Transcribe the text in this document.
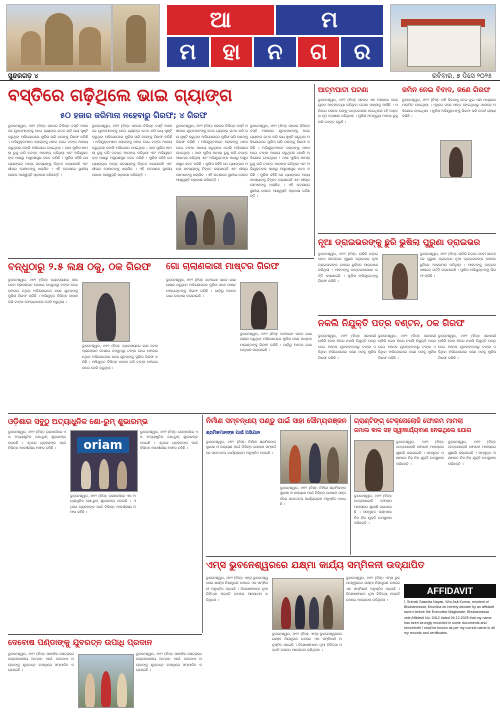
ଆ	ମ
ମ	ହା	ନ	ଗ	ର
ସୁନ୍ଦରଗଡ଼ ୪	ରବିବାର, ୭ ଡିସେ ୨୦୨୫
ବସ୍ତିରେ ଗଢ଼ିଥିଲେ ଭାଇ ଗ୍ୟାଙ୍ଗ
୫୦ ହଜାର ଜରିମାନା ନହେବାରୁ ଗିରଫ; ୪ ଗିରଫ
ଭୁବନେଶ୍ୱର, ୬ା୧୨ (ନିସ): ସହରର ବିଭିନ୍ନ ବସ୍ତି ଅଞ୍ଚଳରେ ଯୁବକମାନଙ୍କୁ ନେଇ ଗ୍ୟାଙ୍ଗ ଗଠନ କରି ଭୟ ସୃଷ୍ଟି କରୁଥିବା ଅଭିଯୋଗରେ ପୁଲିସ ଚାରି ଜଣଙ୍କୁ ଗିରଫ କରିଛି । ଅଭିଯୁକ୍ତମାନେ ଲୋକଙ୍କୁ ଧମକ ଦେଇ ଟଙ୍କା ଆଦାୟ କରୁଥିଲେ ବୋଲି ଅଭିଯୋଗ ହୋଇଥିଲା । ଥାନା ପୁଲିସ ମାମଲା ରୁଜୁ କରି ତଦନ୍ତ ଆରମ୍ଭ କରିଥିଲା ଏବଂ ଅଭିଯୁକ୍ତଙ୍କ ପାଖରୁ ଅସ୍ତ୍ରଶସ୍ତ୍ର ଜବତ କରିଛି । ପୁଲିସ କହିଛି ଯେ ଗ୍ୟାଙ୍ଗର ଅନ୍ୟ ସଦସ୍ୟଙ୍କୁ ଚିହ୍ନଟ କରାଯାଉଛି ଏବଂ ଶୀଘ୍ର ସେମାନଙ୍କୁ ଧରାଯିବ । ଏହି ଘଟଣାରେ ସ୍ଥାନୀୟ ଲୋକେ ଆଶ୍ୱସ୍ତି ପ୍ରକାଶ କରିଛନ୍ତି ।
ଭୁବନେଶ୍ୱର, ୬ା୧୨ (ନିସ): ସହରର ବିଭିନ୍ନ ବସ୍ତି ଅଞ୍ଚଳରେ ଯୁବକମାନଙ୍କୁ ନେଇ ଗ୍ୟାଙ୍ଗ ଗଠନ କରି ଭୟ ସୃଷ୍ଟି କରୁଥିବା ଅଭିଯୋଗରେ ପୁଲିସ ଚାରି ଜଣଙ୍କୁ ଗିରଫ କରିଛି । ଅଭିଯୁକ୍ତମାନେ ଲୋକଙ୍କୁ ଧମକ ଦେଇ ଟଙ୍କା ଆଦାୟ କରୁଥିଲେ ବୋଲି ଅଭିଯୋଗ ହୋଇଥିଲା । ଥାନା ପୁଲିସ ମାମଲା ରୁଜୁ କରି ତଦନ୍ତ ଆରମ୍ଭ କରିଥିଲା ଏବଂ ଅଭିଯୁକ୍ତଙ୍କ ପାଖରୁ ଅସ୍ତ୍ରଶସ୍ତ୍ର ଜବତ କରିଛି । ପୁଲିସ କହିଛି ଯେ ଗ୍ୟାଙ୍ଗର ଅନ୍ୟ ସଦସ୍ୟଙ୍କୁ ଚିହ୍ନଟ କରାଯାଉଛି ଏବଂ ଶୀଘ୍ର ସେମାନଙ୍କୁ ଧରାଯିବ । ଏହି ଘଟଣାରେ ସ୍ଥାନୀୟ ଲୋକେ ଆଶ୍ୱସ୍ତି ପ୍ରକାଶ କରିଛନ୍ତି ।
ଭୁବନେଶ୍ୱର, ୬ା୧୨ (ନିସ): ସହରର ବିଭିନ୍ନ ବସ୍ତି ଅଞ୍ଚଳରେ ଯୁବକମାନଙ୍କୁ ନେଇ ଗ୍ୟାଙ୍ଗ ଗଠନ କରି ଭୟ ସୃଷ୍ଟି କରୁଥିବା ଅଭିଯୋଗରେ ପୁଲିସ ଚାରି ଜଣଙ୍କୁ ଗିରଫ କରିଛି । ଅଭିଯୁକ୍ତମାନେ ଲୋକଙ୍କୁ ଧମକ ଦେଇ ଟଙ୍କା ଆଦାୟ କରୁଥିଲେ ବୋଲି ଅଭିଯୋଗ ହୋଇଥିଲା । ଥାନା ପୁଲିସ ମାମଲା ରୁଜୁ କରି ତଦନ୍ତ ଆରମ୍ଭ କରିଥିଲା ଏବଂ ଅଭିଯୁକ୍ତଙ୍କ ପାଖରୁ ଅସ୍ତ୍ରଶସ୍ତ୍ର ଜବତ କରିଛି । ପୁଲିସ କହିଛି ଯେ ଗ୍ୟାଙ୍ଗର ଅନ୍ୟ ସଦସ୍ୟଙ୍କୁ ଚିହ୍ନଟ କରାଯାଉଛି ଏବଂ ଶୀଘ୍ର ସେମାନଙ୍କୁ ଧରାଯିବ । ଏହି ଘଟଣାରେ ସ୍ଥାନୀୟ ଲୋକେ ଆଶ୍ୱସ୍ତି ପ୍ରକାଶ କରିଛନ୍ତି ।
ଭୁବନେଶ୍ୱର, ୬ା୧୨ (ନିସ): ସହରର ବିଭିନ୍ନ ବସ୍ତି ଅଞ୍ଚଳରେ ଯୁବକମାନଙ୍କୁ ନେଇ ଗ୍ୟାଙ୍ଗ ଗଠନ କରି ଭୟ ସୃଷ୍ଟି କରୁଥିବା ଅଭିଯୋଗରେ ପୁଲିସ ଚାରି ଜଣଙ୍କୁ ଗିରଫ କରିଛି । ଅଭିଯୁକ୍ତମାନେ ଲୋକଙ୍କୁ ଧମକ ଦେଇ ଟଙ୍କା ଆଦାୟ କରୁଥିଲେ ବୋଲି ଅଭିଯୋଗ ହୋଇଥିଲା । ଥାନା ପୁଲିସ ମାମଲା ରୁଜୁ କରି ତଦନ୍ତ ଆରମ୍ଭ କରିଥିଲା ଏବଂ ଅଭିଯୁକ୍ତଙ୍କ ପାଖରୁ ଅସ୍ତ୍ରଶସ୍ତ୍ର ଜବତ କରିଛି । ପୁଲିସ କହିଛି ଯେ ଗ୍ୟାଙ୍ଗର ଅନ୍ୟ ସଦସ୍ୟଙ୍କୁ ଚିହ୍ନଟ କରାଯାଉଛି ଏବଂ ଶୀଘ୍ର ସେମାନଙ୍କୁ ଧରାଯିବ । ଏହି ଘଟଣାରେ ସ୍ଥାନୀୟ ଲୋକେ ଆଶ୍ୱସ୍ତି ପ୍ରକାଶ କରିଛନ୍ତି ।
ଆତ୍ମଘାତୀ ଘଟଣା
ଭୁବନେଶ୍ୱର, ୬ା୧୨ (ନିସ): ସହରର ଏକ ଅଞ୍ଚଳରେ ଜଣେ ଯୁବକ ଆତ୍ମହତ୍ୟା କରିଥିବା ଘଟଣା ସାମ୍ନାକୁ ଆସିଛି । ପରିବାର ଲୋକେ ତାଙ୍କୁ ଡାକ୍ତରଖାନା ନେଇଥିଲେ ହେଁ ଡାକ୍ତର ମୃତ ଘୋଷଣା କରିଥିଲେ । ପୁଲିସ ଅପମୃତ୍ୟୁ ମାମଲା ରୁଜୁ କରି ତଦନ୍ତ କରୁଛି ।
ଜମିନ ନେଇ ବିବାଦ, ଜଣେ ଗିରଫ
ଭୁବନେଶ୍ୱର, ୬ା୧୨ (ନିସ): ଜମି ବିବାଦକୁ ନେଇ ଦୁଇ ପକ୍ଷ ମଧ୍ୟରେ ମାଡ଼ପିଟ ହୋଇଥିଲା । ଏଥିରେ ଜଣେ ଆହତ ହୋଇଥିବାରୁ ଥାନାରେ ଅଭିଯୋଗ ହୋଇଥିଲା । ପୁଲିସ ଅଭିଯୁକ୍ତଙ୍କୁ ଗିରଫ କରି କୋର୍ଟ ଚାଲାଣ କରିଛି ।
ନୂଆ ଡ୍ରାଇଭରଙ୍କୁ ଛୁରି ଭୁଷିଲା ପୁରୁଣା ଡ୍ରାଇଭର
ଭୁବନେଶ୍ୱର, ୬ା୧୨ (ନିସ): ଚାକିରି ଛଡ଼ାଇ ନେବା ସନ୍ଦେହରେ ପୁରୁଣା ଡ୍ରାଇଭର ନୂଆ ଡ୍ରାଇଭରଙ୍କ ଉପରେ ଛୁରିରେ ଆକ୍ରମଣ କରିଥିଲା । ଆହତଙ୍କୁ ଡାକ୍ତରଖାନାରେ ଭର୍ତ୍ତି କରାଯାଇଛି । ପୁଲିସ ଅଭିଯୁକ୍ତଙ୍କୁ ଗିରଫ କରିଛି ।
ଭୁବନେଶ୍ୱର, ୬ା୧୨ (ନିସ): ଚାକିରି ଛଡ଼ାଇ ନେବା ସନ୍ଦେହରେ ପୁରୁଣା ଡ୍ରାଇଭର ନୂଆ ଡ୍ରାଇଭରଙ୍କ ଉପରେ ଛୁରିରେ ଆକ୍ରମଣ କରିଥିଲା । ଆହତଙ୍କୁ ଡାକ୍ତରଖାନାରେ ଭର୍ତ୍ତି କରାଯାଇଛି । ପୁଲିସ ଅଭିଯୁକ୍ତଙ୍କୁ ଗିରଫ କରିଛି ।
ବନ୍ଧୁଠାରୁ ୨.୫ ଲକ୍ଷ ଠକୁ, ଠକ ଗିରଫ
ଭୁବନେଶ୍ୱର, ୬ା୧୨ (ନିସ): ବ୍ୟବସାୟରେ ଲାଭ ଦେବା ପ୍ରଲୋଭନ ଦେଖାଇ ବନ୍ଧୁଠାରୁ ଟଙ୍କା ନେଇ ଫେରାଇ ନଥିବା ଅଭିଯୋଗରେ ଜଣେ ଯୁବକଙ୍କୁ ପୁଲିସ ଗିରଫ କରିଛି । ଅଭିଯୁକ୍ତ ବିଭିନ୍ନ ବାହାନା କରି ଟଙ୍କା ଫେରାଇବାରେ ଡେରି କରୁଥିଲା ।
ଭୁବନେଶ୍ୱର, ୬ା୧୨ (ନିସ): ବ୍ୟବସାୟରେ ଲାଭ ଦେବା ପ୍ରଲୋଭନ ଦେଖାଇ ବନ୍ଧୁଠାରୁ ଟଙ୍କା ନେଇ ଫେରାଇ ନଥିବା ଅଭିଯୋଗରେ ଜଣେ ଯୁବକଙ୍କୁ ପୁଲିସ ଗିରଫ କରିଛି । ଅଭିଯୁକ୍ତ ବିଭିନ୍ନ ବାହାନା କରି ଟଙ୍କା ଫେରାଇବାରେ ଡେରି କରୁଥିଲା ।
ଗୋ ଚାଲାଣକାରୀ ମାଷ୍ଟର ଗିରଫ
ଭୁବନେଶ୍ୱର, ୬ା୧୨ (ନିସ): ବେଆଇନ ଭାବେ ଗାଈ ଚାଲାଣ କରୁଥିବା ଅଭିଯୋଗରେ ପୁଲିସ ଜଣେ ମାଷ୍ଟରମାଇଣ୍ଡଙ୍କୁ ଗିରଫ କରିଛି । ଗାଡ଼ିରୁ ଅନେକ ଗାଈ ଉଦ୍ଧାର କରାଯାଇଛି ।
ଭୁବନେଶ୍ୱର, ୬ା୧୨ (ନିସ): ବେଆଇନ ଭାବେ ଗାଈ ଚାଲାଣ କରୁଥିବା ଅଭିଯୋଗରେ ପୁଲିସ ଜଣେ ମାଷ୍ଟରମାଇଣ୍ଡଙ୍କୁ ଗିରଫ କରିଛି । ଗାଡ଼ିରୁ ଅନେକ ଗାଈ ଉଦ୍ଧାର କରାଯାଇଛି ।
ନକଲି ନିଯୁକ୍ତି ପତ୍ର ବଣ୍ଟନ, ଠକ ଗିରଫ
ଭୁବନେଶ୍ୱର, ୬ା୧୨ (ନିସ): ସରକାରୀ ଚାକିରି ଦେବା ନାଁରେ ନକଲି ନିଯୁକ୍ତି ପତ୍ର ଦେଇ ଅନେକ ଯୁବକଙ୍କଠାରୁ ଟଙ୍କା ଠକିଥିବା ଅଭିଯୋଗରେ ଜଣେ ଠକକୁ ପୁଲିସ ଗିରଫ କରିଛି ।
ଭୁବନେଶ୍ୱର, ୬ା୧୨ (ନିସ): ସରକାରୀ ଚାକିରି ଦେବା ନାଁରେ ନକଲି ନିଯୁକ୍ତି ପତ୍ର ଦେଇ ଅନେକ ଯୁବକଙ୍କଠାରୁ ଟଙ୍କା ଠକିଥିବା ଅଭିଯୋଗରେ ଜଣେ ଠକକୁ ପୁଲିସ ଗିରଫ କରିଛି ।
ଭୁବନେଶ୍ୱର, ୬ା୧୨ (ନିସ): ସରକାରୀ ଚାକିରି ଦେବା ନାଁରେ ନକଲି ନିଯୁକ୍ତି ପତ୍ର ଦେଇ ଅନେକ ଯୁବକଙ୍କଠାରୁ ଟଙ୍କା ଠକିଥିବା ଅଭିଯୋଗରେ ଜଣେ ଠକକୁ ପୁଲିସ ଗିରଫ କରିଛି ।
ଓଡ଼ିଶାର ସବୁଠୁ ଅତ୍ୟାଧୁନିକ ଶୋ-ରୁମ୍ ଶୁଭାରମ୍ଭ
ଭୁବନେଶ୍ୱର, ୬ା୧୨ (ନିସ): ରାଜଧାନୀରେ ଏକ ଅତ୍ୟାଧୁନିକ ଶୋ-ରୁମ୍ ଶୁଭାରମ୍ଭ ହୋଇଛି । ଏଥିରେ ଗ୍ରାହକଙ୍କ ପାଇଁ ବିଭିନ୍ନ ଆକର୍ଷଣୀୟ ଅଫର ରହିଛି ।	oriam
ଭୁବନେଶ୍ୱର, ୬ା୧୨ (ନିସ): ରାଜଧାନୀରେ ଏକ ଅତ୍ୟାଧୁନିକ ଶୋ-ରୁମ୍ ଶୁଭାରମ୍ଭ ହୋଇଛି । ଏଥିରେ ଗ୍ରାହକଙ୍କ ପାଇଁ ବିଭିନ୍ନ ଆକର୍ଷଣୀୟ ଅଫର ରହିଛି ।
ଭୁବନେଶ୍ୱର, ୬ା୧୨ (ନିସ): ରାଜଧାନୀରେ ଏକ ଅତ୍ୟାଧୁନିକ ଶୋ-ରୁମ୍ ଶୁଭାରମ୍ଭ ହୋଇଛି । ଏଥିରେ ଗ୍ରାହକଙ୍କ ପାଇଁ ବିଭିନ୍ନ ଆକର୍ଷଣୀୟ ଅଫର ରହିଛି ।
ନିର୍ମାଣ ସମ୍ବନ୍ଧୀୟ ପଣ୍ଡୁ ପାଇଁ ସାହା ସୌମ୍ୟରଞ୍ଜନ
ଶ୍ରମିକମାନଙ୍କ ପାଇଁ ଅଭିଯାନ
ଭୁବନେଶ୍ୱର, ୬ା୧୨ (ନିସ): ନିର୍ମାଣ ଶ୍ରମିକଙ୍କ ସୁରକ୍ଷା ଓ କଲ୍ୟାଣ ପାଇଁ ବିଭିନ୍ନ ଯୋଜନା ସମ୍ପର୍କରେ ସଚେତନତା କାର୍ଯ୍ୟକ୍ରମ ଅନୁଷ୍ଠିତ ହୋଇଛି ।
ଭୁବନେଶ୍ୱର, ୬ା୧୨ (ନିସ): ନିର୍ମାଣ ଶ୍ରମିକଙ୍କ ସୁରକ୍ଷା ଓ କଲ୍ୟାଣ ପାଇଁ ବିଭିନ୍ନ ଯୋଜନା ସମ୍ପର୍କରେ ସଚେତନତା କାର୍ଯ୍ୟକ୍ରମ ଅନୁଷ୍ଠିତ ହୋଇଛି ।
ଗ୍ରାଣ୍ଟିଙ୍ଗ୍ ଟେକ୍ନୋଲୋଜି ଫୋରମ ମାମଲା
ଜମାଲ କାଳ ସହ ସ୍ୱୀକାର୍ଯ୍ୟବାଣ ନେଇଥିଲେ ଯୋଗ
ଭୁବନେଶ୍ୱର, ୬ା୧୨ (ନିସ): ଟେକ୍ନୋଲୋଜି ଫୋରମ ମାମଲାରେ ଶୁଣାଣି କରାଯାଇଛି । ସମ୍ପୃକ୍ତ ପକ୍ଷମାନେ ନିଜ ନିଜ ଯୁକ୍ତି ଉପସ୍ଥାପନ କରିଛନ୍ତି ।
ଭୁବନେଶ୍ୱର, ୬ା୧୨ (ନିସ): ଟେକ୍ନୋଲୋଜି ଫୋରମ ମାମଲାରେ ଶୁଣାଣି କରାଯାଇଛି । ସମ୍ପୃକ୍ତ ପକ୍ଷମାନେ ନିଜ ନିଜ ଯୁକ୍ତି ଉପସ୍ଥାପନ କରିଛନ୍ତି ।
ଭୁବନେଶ୍ୱର, ୬ା୧୨ (ନିସ): ଟେକ୍ନୋଲୋଜି ଫୋରମ ମାମଲାରେ ଶୁଣାଣି କରାଯାଇଛି । ସମ୍ପୃକ୍ତ ପକ୍ଷମାନେ ନିଜ ନିଜ ଯୁକ୍ତି ଉପସ୍ଥାପନ କରିଛନ୍ତି ।
ଏମ୍ସ ଭୁବନେଶ୍ୱରରେ ଯକ୍ଷ୍ମା କାର୍ଯ୍ୟ ସମ୍ମିଳନୀ ଉଦ୍‌ଯାପିତ
ଭୁବନେଶ୍ୱର, ୬ା୧୨ (ନିସ): ଏମ୍ସ ଭୁବନେଶ୍ୱରରେ ଯକ୍ଷ୍ମା ନିୟନ୍ତ୍ରଣ ଉପରେ ଏକ ସମ୍ମିଳନୀ ଅନୁଷ୍ଠିତ ହୋଇଛି । ବିଶେଷଜ୍ଞମାନେ ନୂଆ ଚିକିତ୍ସା ପଦ୍ଧତି ଉପରେ ଆଲୋଚନା କରିଥିଲେ ।
ଭୁବନେଶ୍ୱର, ୬ା୧୨ (ନିସ): ଏମ୍ସ ଭୁବନେଶ୍ୱରରେ ଯକ୍ଷ୍ମା ନିୟନ୍ତ୍ରଣ ଉପରେ ଏକ ସମ୍ମିଳନୀ ଅନୁଷ୍ଠିତ ହୋଇଛି । ବିଶେଷଜ୍ଞମାନେ ନୂଆ ଚିକିତ୍ସା ପଦ୍ଧତି ଉପରେ ଆଲୋଚନା କରିଥିଲେ ।
ଭୁବନେଶ୍ୱର, ୬ା୧୨ (ନିସ): ଏମ୍ସ ଭୁବନେଶ୍ୱରରେ ଯକ୍ଷ୍ମା ନିୟନ୍ତ୍ରଣ ଉପରେ ଏକ ସମ୍ମିଳନୀ ଅନୁଷ୍ଠିତ ହୋଇଛି । ବିଶେଷଜ୍ଞମାନେ ନୂଆ ଚିକିତ୍ସା ପଦ୍ଧତି ଉପରେ ଆଲୋଚନା କରିଥିଲେ ।
ଦେବୋଷ ପଣ୍ଡାଙ୍କୁ ଯୁବରତ୍ନ ଉପାଧି ପ୍ରଦାନ
ଭୁବନେଶ୍ୱର, ୬ା୧୨ (ନିସ): ସାମାଜିକ କ୍ଷେତ୍ରରେ ଉଲ୍ଲେଖନୀୟ ଅବଦାନ ପାଇଁ ଦେବୋଷ ପଣ୍ଡାଙ୍କୁ ଯୁବରତ୍ନ ଉପାଧିରେ ସମ୍ମାନିତ କରାଯାଇଛି ।
ଭୁବନେଶ୍ୱର, ୬ା୧୨ (ନିସ): ସାମାଜିକ କ୍ଷେତ୍ରରେ ଉଲ୍ଲେଖନୀୟ ଅବଦାନ ପାଇଁ ଦେବୋଷ ପଣ୍ଡାଙ୍କୁ ଯୁବରତ୍ନ ଉପାଧିରେ ସମ୍ମାନିତ କରାଯାଇଛି ।
AFFIDAVIT
I, Srimati Sasmita Nayak, W/o Asit Kumar, resident of Bhubaneswar, Khordha do hereby declare by an affidavit sworn before the Executive Magistrate, Bhubaneswar vide Affidavit No. 0412 dated 04.12.2025 that my name has been wrongly recorded in some documents and henceforth I shall be known as per my correct name in all my records and certificates.
